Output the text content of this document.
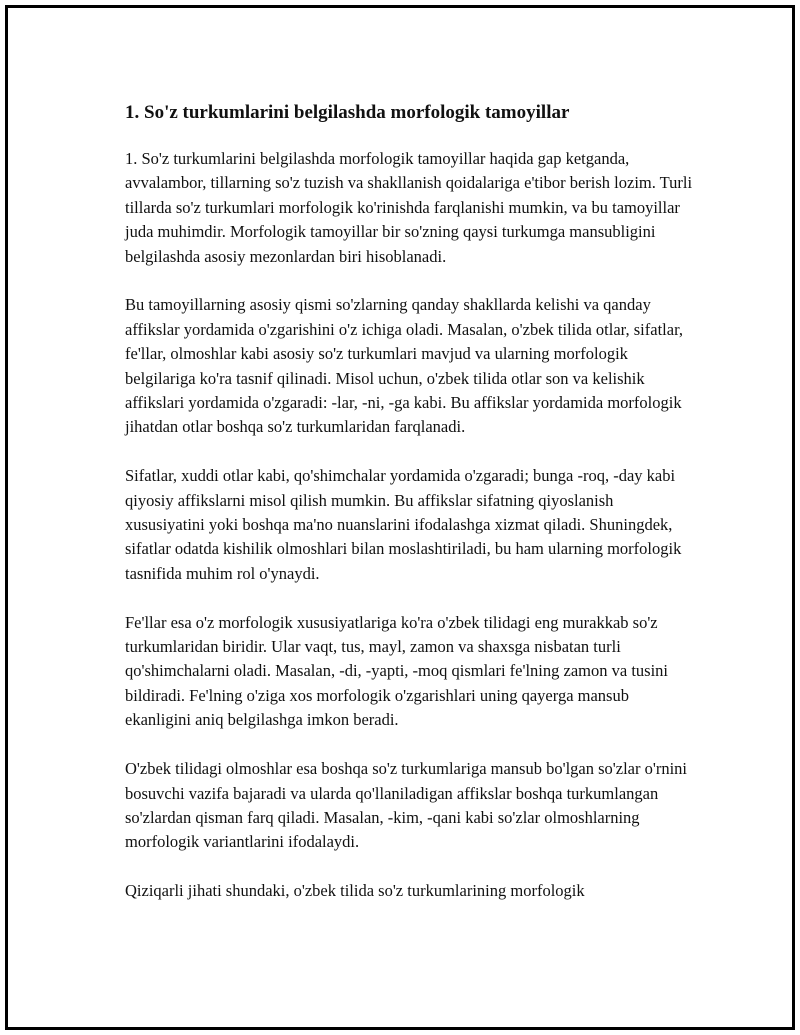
1. So'z turkumlarini belgilashda morfologik tamoyillar

1. So'z turkumlarini belgilashda morfologik tamoyillar haqida gap ketganda, avvalambor, tillarning so'z tuzish va shakllanish qoidalariga e'tibor berish lozim. Turli tillarda so'z turkumlari morfologik ko'rinishda farqlanishi mumkin, va bu tamoyillar juda muhimdir. Morfologik tamoyillar bir so'zning qaysi turkumga mansubligini belgilashda asosiy mezonlardan biri hisoblanadi.

Bu tamoyillarning asosiy qismi so'zlarning qanday shakllarda kelishi va qanday affikslar yordamida o'zgarishini o'z ichiga oladi. Masalan, o'zbek tilida otlar, sifatlar, fe'llar, olmoshlar kabi asosiy so'z turkumlari mavjud va ularning morfologik belgilariga ko'ra tasnif qilinadi. Misol uchun, o'zbek tilida otlar son va kelishik affikslari yordamida o'zgaradi: -lar, -ni, -ga kabi. Bu affikslar yordamida morfologik jihatdan otlar boshqa so'z turkumlaridan farqlanadi.

Sifatlar, xuddi otlar kabi, qo'shimchalar yordamida o'zgaradi; bunga -roq, -day kabi qiyosiy affikslarni misol qilish mumkin. Bu affikslar sifatning qiyoslanish xususiyatini yoki boshqa ma'no nuanslarini ifodalashga xizmat qiladi. Shuningdek, sifatlar odatda kishilik olmoshlari bilan moslashtiriladi, bu ham ularning morfologik tasnifida muhim rol o'ynaydi.

Fe'llar esa o'z morfologik xususiyatlariga ko'ra o'zbek tilidagi eng murakkab so'z turkumlaridan biridir. Ular vaqt, tus, mayl, zamon va shaxsga nisbatan turli qo'shimchalarni oladi. Masalan, -di, -yapti, -moq qismlari fe'lning zamon va tusini bildiradi. Fe'lning o'ziga xos morfologik o'zgarishlari uning qayerga mansub ekanligini aniq belgilashga imkon beradi.

O'zbek tilidagi olmoshlar esa boshqa so'z turkumlariga mansub bo'lgan so'zlar o'rnini bosuvchi vazifa bajaradi va ularda qo'llaniladigan affikslar boshqa turkumlangan so'zlardan qisman farq qiladi. Masalan, -kim, -qani kabi so'zlar olmoshlarning morfologik variantlarini ifodalaydi.

Qiziqarli jihati shundaki, o'zbek tilida so'z turkumlarining morfologik
